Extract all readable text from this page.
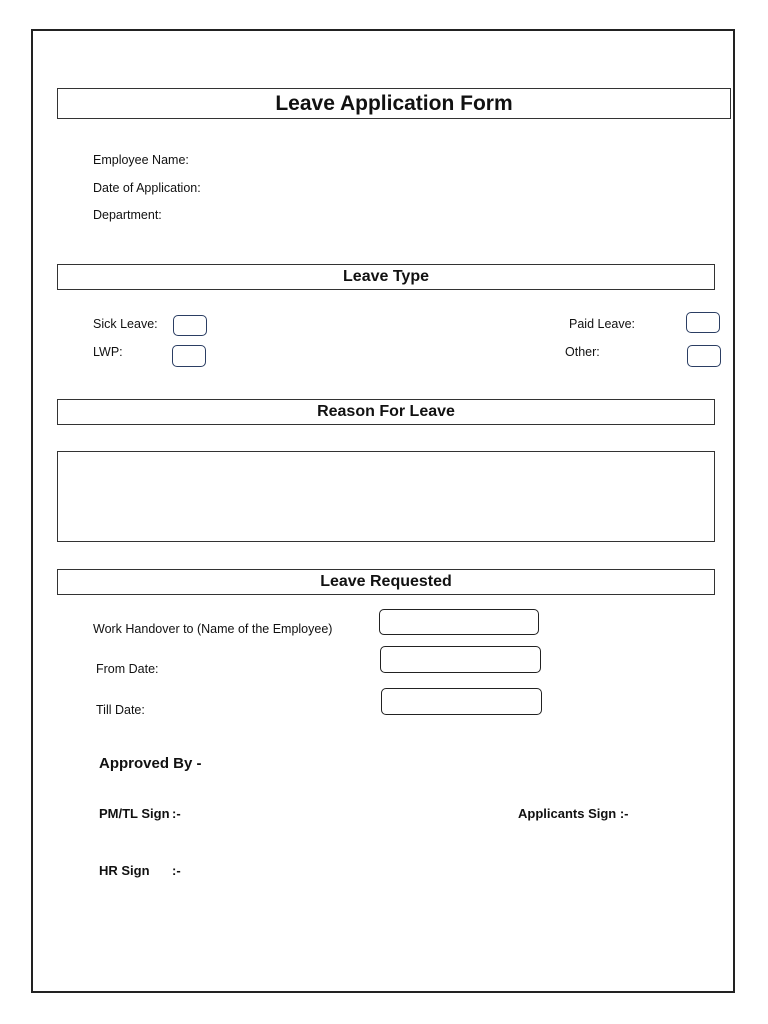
Leave Application Form
Employee Name:
Date of Application:
Department:
Leave Type
Sick Leave:	Paid Leave:
LWP:	Other:
Reason For Leave
Leave Requested
Work Handover to (Name of the Employee)
From Date:
Till Date:
Approved By -
PM/TL Sign :-	Applicants Sign :-
HR Sign :-
